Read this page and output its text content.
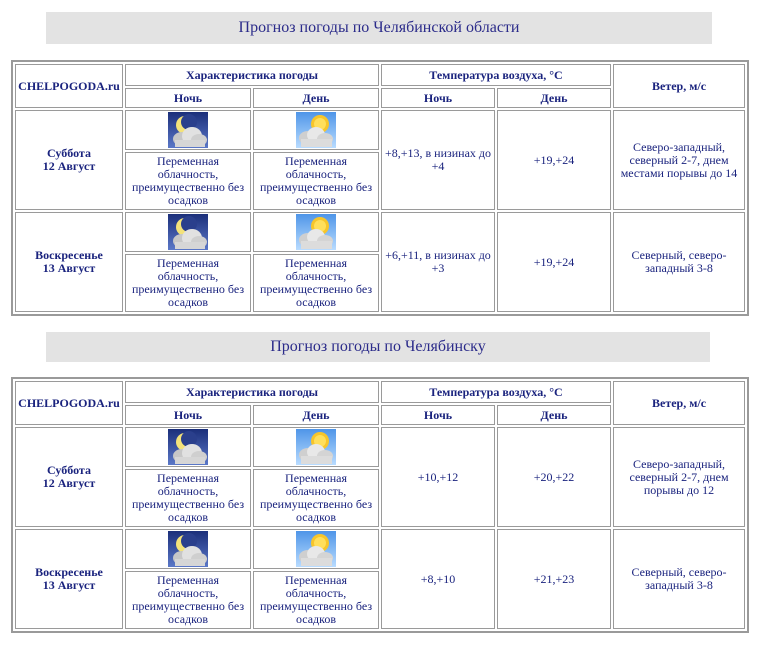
Прогноз погоды по Челябинской области
CHELPOGODA.ru	Характеристика погоды		Температура воздуха, °C		Ветер, м/с
	Ночь	День	Ночь	День	
Суббота
12 Август			+8,+13, в низинах до +4	+19,+24	Северо-западный, северный 2-7, днем местами порывы до 14
	Переменная облачность, преимущественно без осадков	Переменная облачность, преимущественно без осадков			
Воскресенье
13 Август			+6,+11, в низинах до +3	+19,+24	Северный, северо-западный 3-8
	Переменная облачность, преимущественно без осадков	Переменная облачность, преимущественно без осадков			
Прогноз погоды по Челябинску
CHELPOGODA.ru	Характеристика погоды		Температура воздуха, °C		Ветер, м/с
	Ночь	День	Ночь	День	
Суббота
12 Август			+10,+12	+20,+22	Северо-западный, северный 2-7, днем порывы до 12
	Переменная облачность, преимущественно без осадков	Переменная облачность, преимущественно без осадков			
Воскресенье
13 Август			+8,+10	+21,+23	Северный, северо-западный 3-8
	Переменная облачность, преимущественно без осадков	Переменная облачность, преимущественно без осадков			
